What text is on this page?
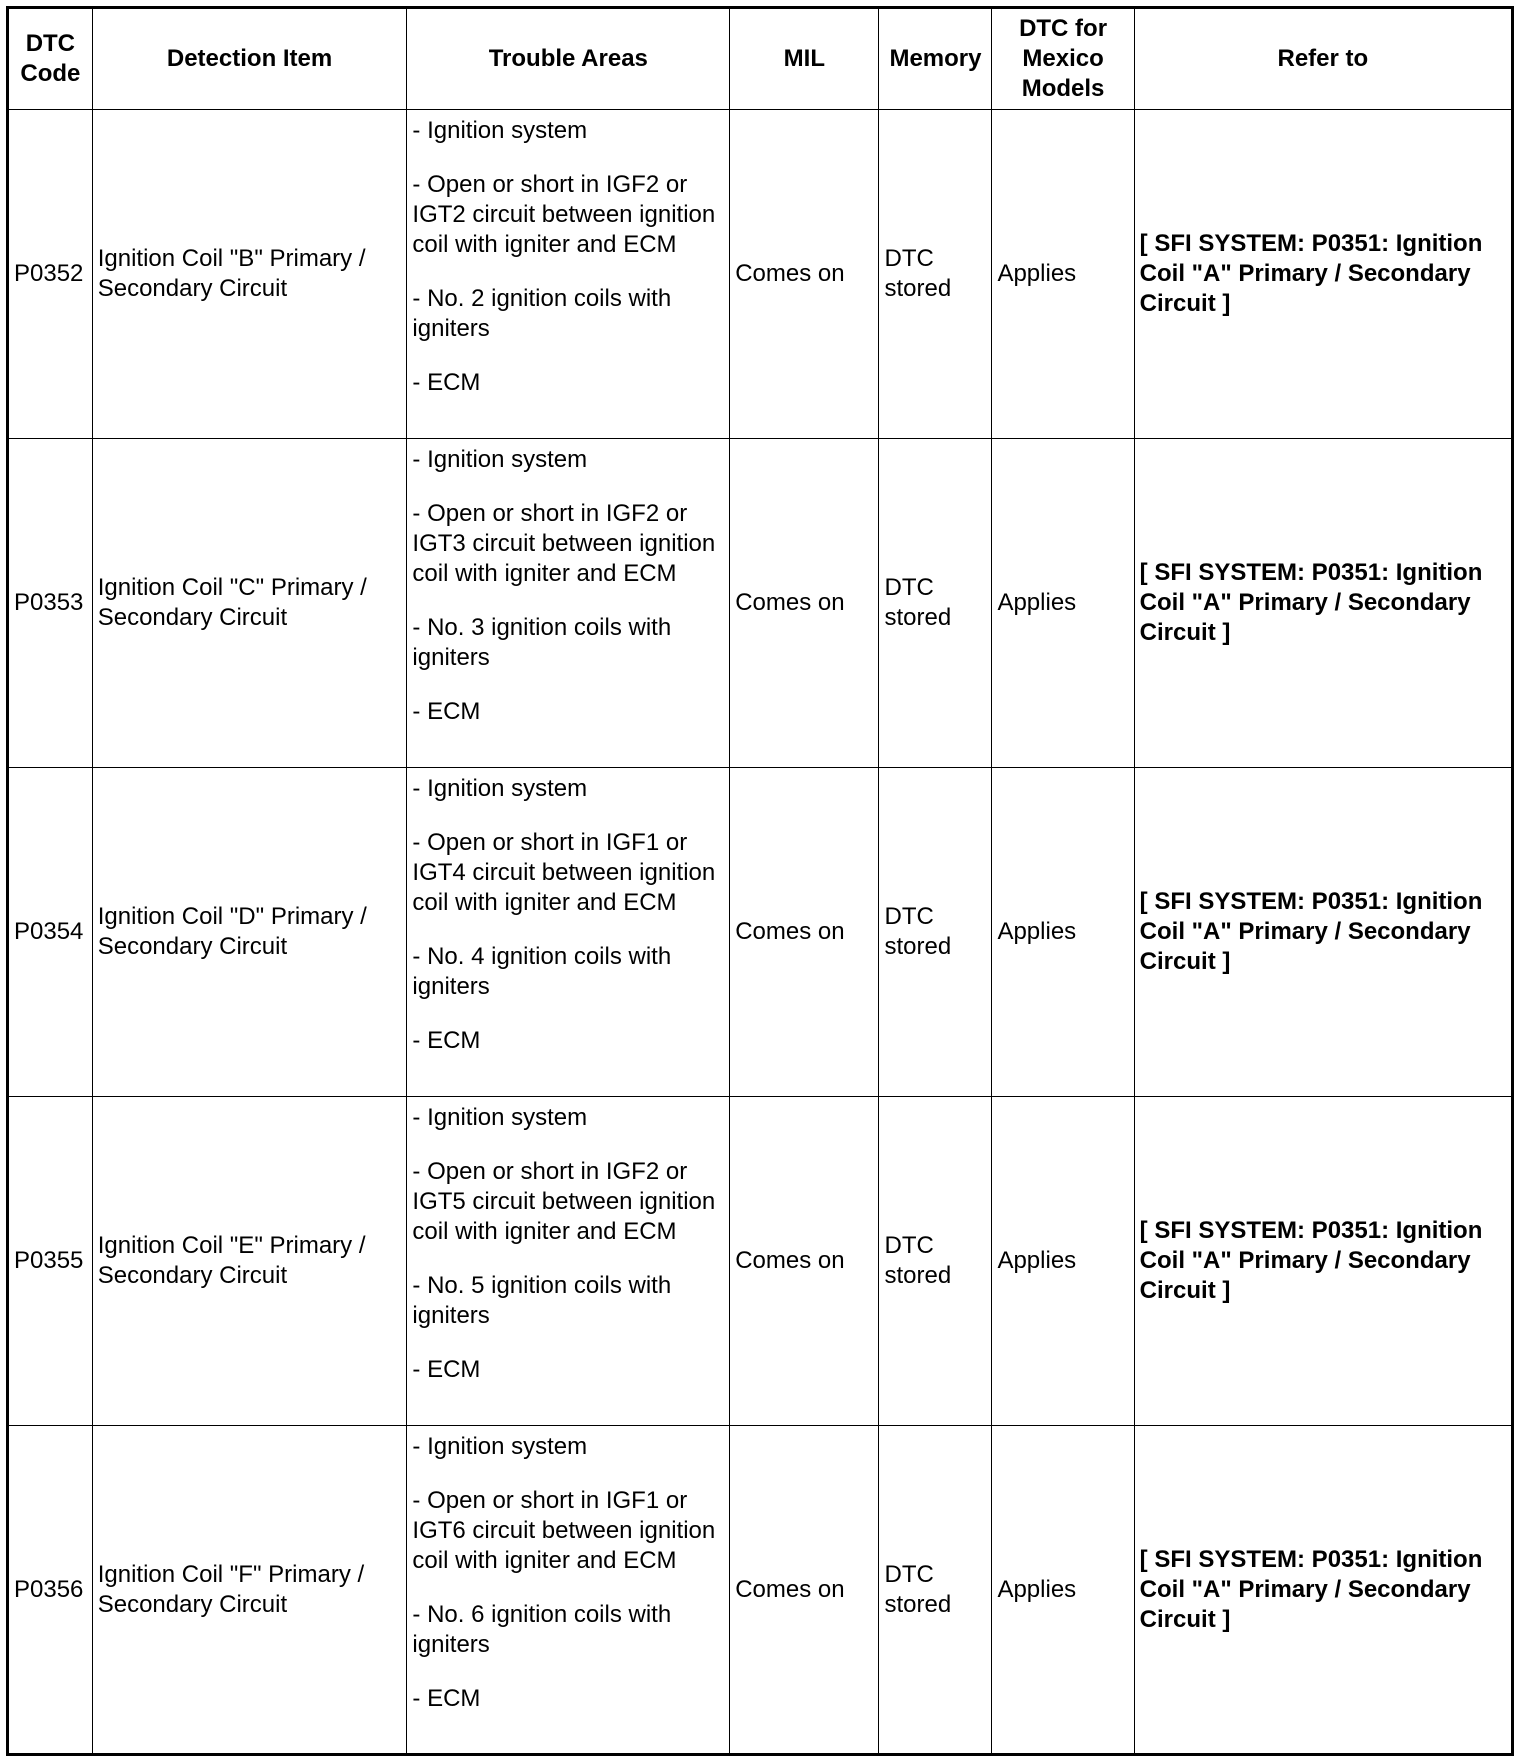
DTC Code	Detection Item	Trouble Areas	MIL	Memory	DTC for Mexico Models	Refer to
P0352	Ignition Coil "B" Primary / Secondary Circuit	- Ignition system

- Open or short in IGF2 or IGT2 circuit between ignition coil with igniter and ECM

- No. 2 ignition coils with igniters

- ECM	Comes on	DTC stored	Applies	[ SFI SYSTEM: P0351: Ignition Coil "A" Primary / Secondary Circuit ]
P0353	Ignition Coil "C" Primary / Secondary Circuit	- Ignition system

- Open or short in IGF2 or IGT3 circuit between ignition coil with igniter and ECM

- No. 3 ignition coils with igniters

- ECM	Comes on	DTC stored	Applies	[ SFI SYSTEM: P0351: Ignition Coil "A" Primary / Secondary Circuit ]
P0354	Ignition Coil "D" Primary / Secondary Circuit	- Ignition system

- Open or short in IGF1 or IGT4 circuit between ignition coil with igniter and ECM

- No. 4 ignition coils with igniters

- ECM	Comes on	DTC stored	Applies	[ SFI SYSTEM: P0351: Ignition Coil "A" Primary / Secondary Circuit ]
P0355	Ignition Coil "E" Primary / Secondary Circuit	- Ignition system

- Open or short in IGF2 or IGT5 circuit between ignition coil with igniter and ECM

- No. 5 ignition coils with igniters

- ECM	Comes on	DTC stored	Applies	[ SFI SYSTEM: P0351: Ignition Coil "A" Primary / Secondary Circuit ]
P0356	Ignition Coil "F" Primary / Secondary Circuit	- Ignition system

- Open or short in IGF1 or IGT6 circuit between ignition coil with igniter and ECM

- No. 6 ignition coils with igniters

- ECM	Comes on	DTC stored	Applies	[ SFI SYSTEM: P0351: Ignition Coil "A" Primary / Secondary Circuit ]
